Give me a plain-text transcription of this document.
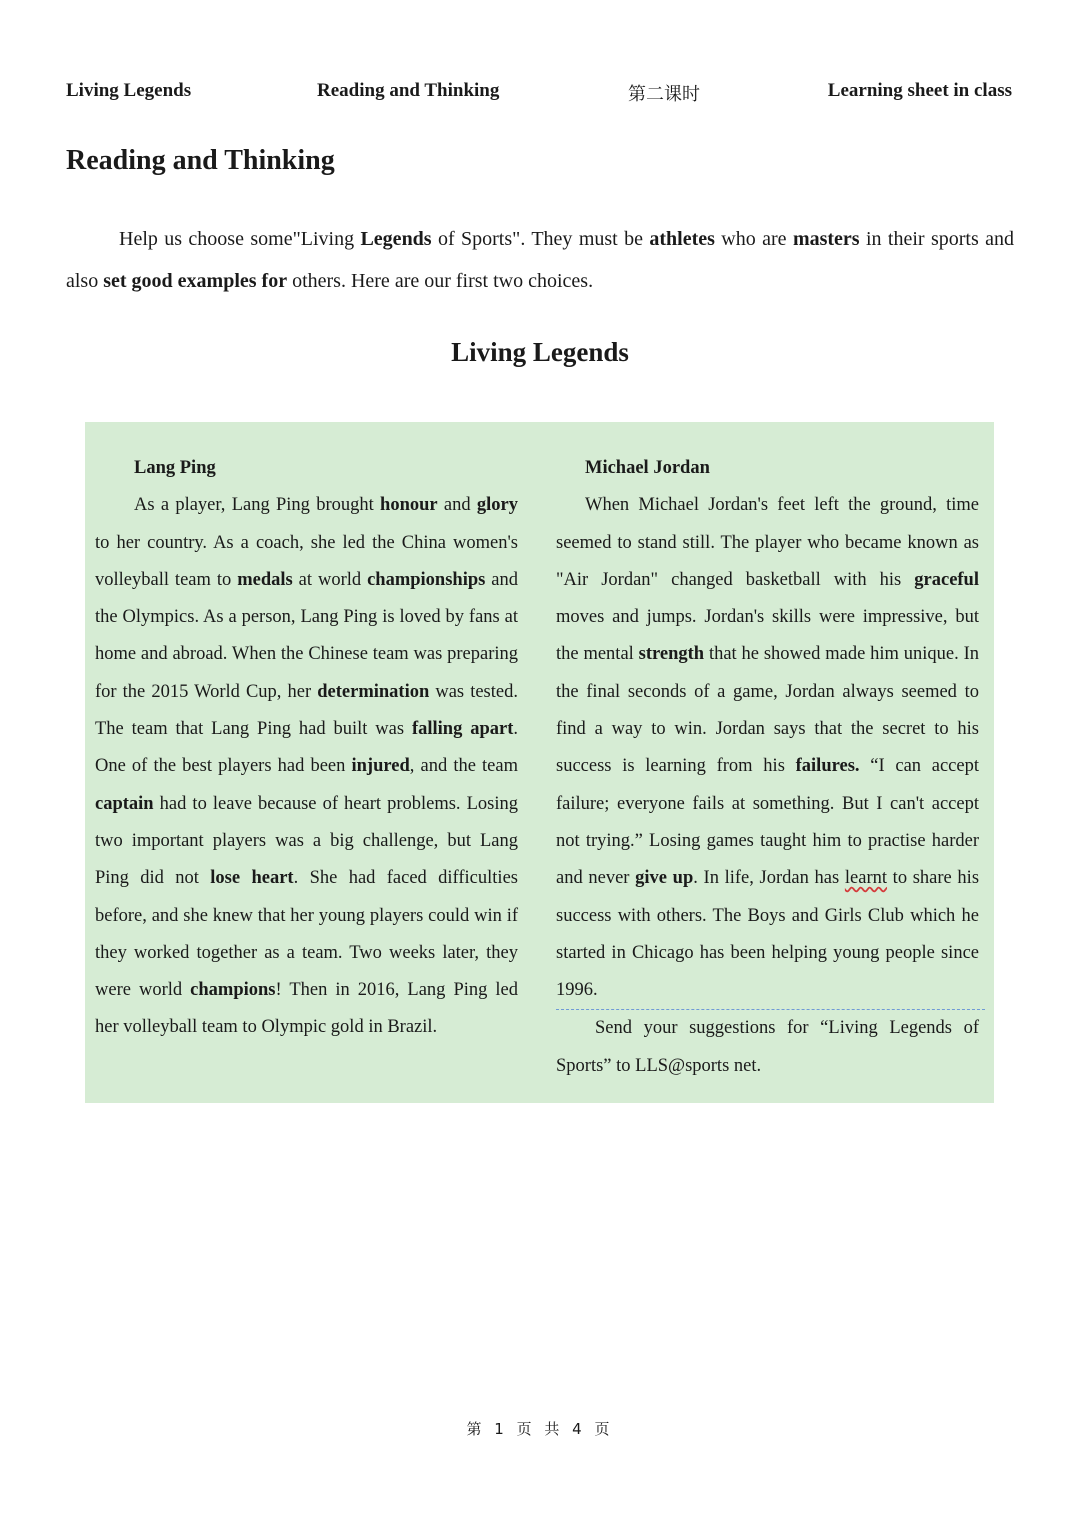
Living Legends	Reading and Thinking	第二课时	Learning sheet in class
Reading and Thinking

Help us choose some"Living Legends of Sports". They must be athletes who are masters in their sports and also set good examples for others. Here are our first two choices.

Living Legends
Lang Ping

As a player, Lang Ping brought honour and glory to her country. As a coach, she led the China women's volleyball team to medals at world championships and the Olympics. As a person, Lang Ping is loved by fans at home and abroad. When the Chinese team was preparing for the 2015 World Cup, her determination was tested. The team that Lang Ping had built was falling apart. One of the best players had been injured, and the team captain had to leave because of heart problems. Losing two important players was a big challenge, but Lang Ping did not lose heart. She had faced difficulties before, and she knew that her young players could win if they worked together as a team. Two weeks later, they were world champions! Then in 2016, Lang Ping led her volleyball team to Olympic gold in Brazil.

Michael Jordan

When Michael Jordan's feet left the ground, time seemed to stand still. The player who became known as "Air Jordan" changed basketball with his graceful moves and jumps. Jordan's skills were impressive, but the mental strength that he showed made him unique. In the final seconds of a game, Jordan always seemed to find a way to win. Jordan says that the secret to his success is learning from his failures. “I can accept failure; everyone fails at something. But I can't accept not trying.” Losing games taught him to practise harder and never give up. In life, Jordan has learnt to share his success with others. The Boys and Girls Club which he started in Chicago has been helping young people since 1996.

Send your suggestions for “Living Legends of Sports” to LLS@sports net.

第 1 页 共 4 页
